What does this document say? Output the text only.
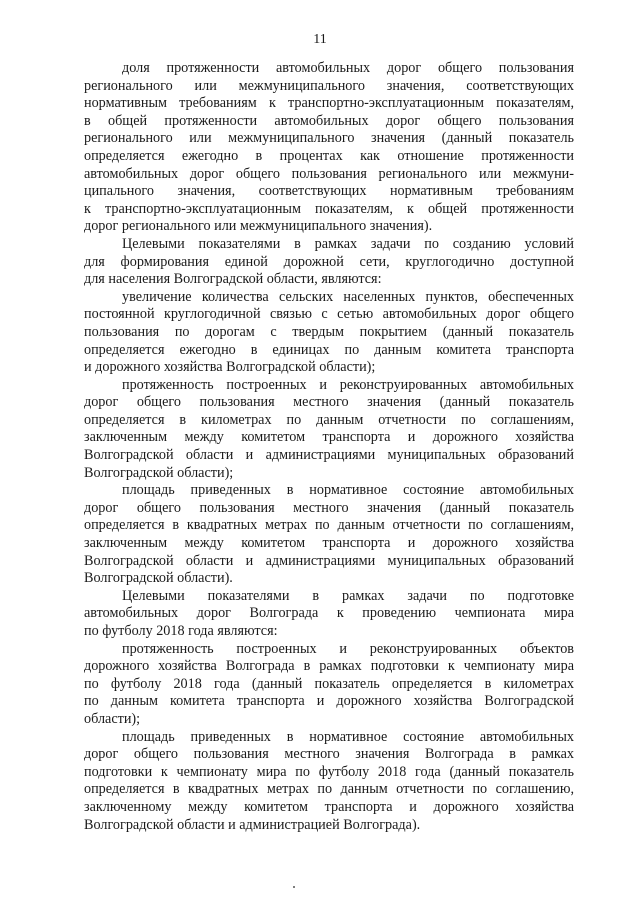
11
доля протяженности автомобильных дорог общего пользования
регионального или межмуниципального значения, соответствующих
нормативным требованиям к транспортно-эксплуатационным показателям,
в общей протяженности автомобильных дорог общего пользования
регионального или межмуниципального значения (данный показатель
определяется ежегодно в процентах как отношение протяженности
автомобильных дорог общего пользования регионального или межмуни-
ципального значения, соответствующих нормативным требованиям
к транспортно-эксплуатационным показателям, к общей протяженности
дорог регионального или межмуниципального значения).
Целевыми показателями в рамках задачи по созданию условий
для формирования единой дорожной сети, круглогодично доступной
для населения Волгоградской области, являются:
увеличение количества сельских населенных пунктов, обеспеченных
постоянной круглогодичной связью с сетью автомобильных дорог общего
пользования по дорогам с твердым покрытием (данный показатель
определяется ежегодно в единицах по данным комитета транспорта
и дорожного хозяйства Волгоградской области);
протяженность построенных и реконструированных автомобильных
дорог общего пользования местного значения (данный показатель
определяется в километрах по данным отчетности по соглашениям,
заключенным между комитетом транспорта и дорожного хозяйства
Волгоградской области и администрациями муниципальных образований
Волгоградской области);
площадь приведенных в нормативное состояние автомобильных
дорог общего пользования местного значения (данный показатель
определяется в квадратных метрах по данным отчетности по соглашениям,
заключенным между комитетом транспорта и дорожного хозяйства
Волгоградской области и администрациями муниципальных образований
Волгоградской области).
Целевыми показателями в рамках задачи по подготовке
автомобильных дорог Волгограда к проведению чемпионата мира
по футболу 2018 года являются:
протяженность построенных и реконструированных объектов
дорожного хозяйства Волгограда в рамках подготовки к чемпионату мира
по футболу 2018 года (данный показатель определяется в километрах
по данным комитета транспорта и дорожного хозяйства Волгоградской
области);
площадь приведенных в нормативное состояние автомобильных
дорог общего пользования местного значения Волгограда в рамках
подготовки к чемпионату мира по футболу 2018 года (данный показатель
определяется в квадратных метрах по данным отчетности по соглашению,
заключенному между комитетом транспорта и дорожного хозяйства
Волгоградской области и администрацией Волгограда).
